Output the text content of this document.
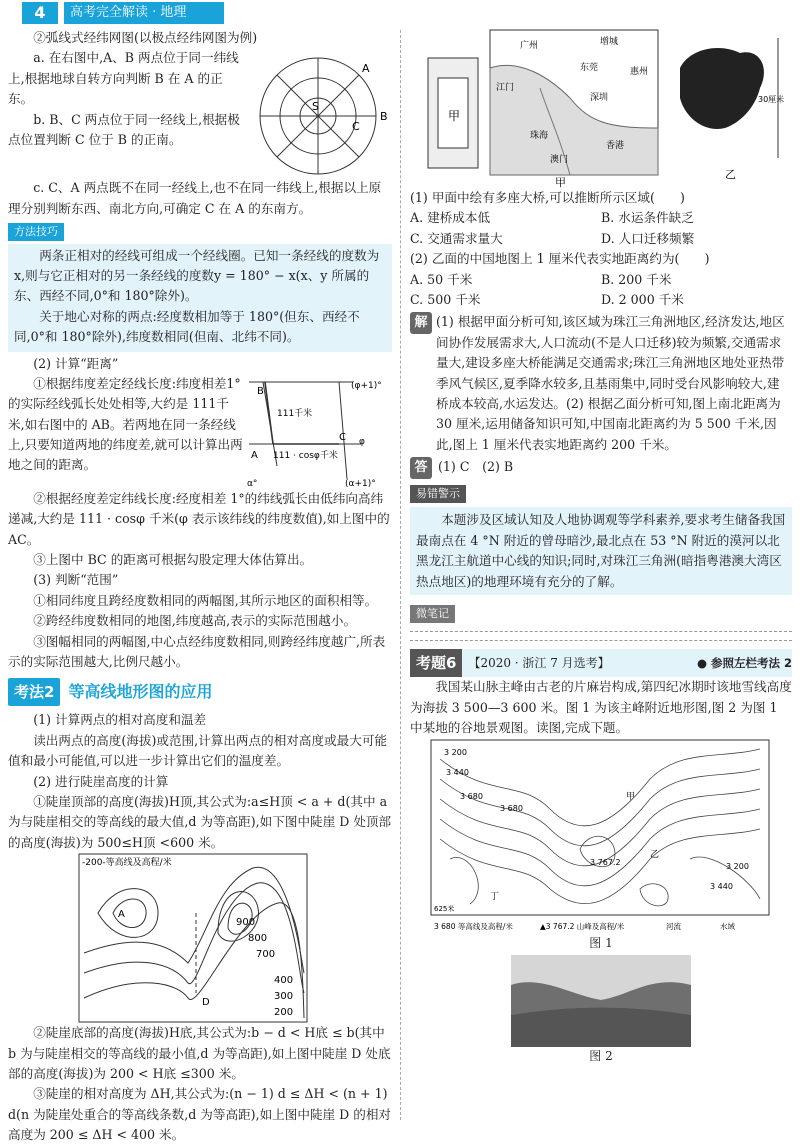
4	高考完全解读 · 地理

②弧线式经纬网图(以极点经纬网图为例)

a. 在右图中,A、B 两点位于同一纬线上,根据地球自转方向判断 B 在 A 的正东。

b. B、C 两点位于同一经线上,根据极点位置判断 C 位于 B 的正南。

A
B
C
S

c. C、A 两点既不在同一经线上,也不在同一纬线上,根据以上原理分别判断东西、南北方向,可确定 C 在 A 的东南方。

方法技巧

两条正相对的经线可组成一个经线圈。已知一条经线的度数为 x,则与它正相对的另一条经线的度数y = 180° − x(x、y 所属的东、西经不同,0°和 180°除外)。

关于地心对称的两点:经度数相加等于 180°(但东、西经不同,0°和 180°除外),纬度数相同(但南、北纬不同)。

(2) 计算“距离”

①根据纬度差定经线长度:纬度相差1°的实际经线弧长处处相等,大约是 111千米,如右图中的 AB。若两地在同一条经线上,只要知道两地的纬度差,就可以计算出两地之间的距离。

B
A
C
(φ+1)°
φ
(α+1)°
α°
111千米
111 · cosφ千米

②根据经度差定纬线长度:经度相差 1°的纬线弧长由低纬向高纬递减,大约是 111 · cosφ 千米(φ 表示该纬线的纬度数值),如上图中的 AC。

③上图中 BC 的距离可根据勾股定理大体估算出。

(3) 判断“范围”

①相同纬度且跨经度数相同的两幅图,其所示地区的面积相等。

②跨经纬度数相同的地图,纬度越高,表示的实际范围越小。

③图幅相同的两幅图,中心点经纬度数相同,则跨经纬度越广,所表示的实际范围越大,比例尺越小。

考法2 等高线地形图的应用

(1) 计算两点的相对高度和温差

读出两点的高度(海拔)或范围,计算出两点的相对高度或最大可能值和最小可能值,可以进一步计算出它们的温度差。

(2) 进行陡崖高度的计算

①陡崖顶部的高度(海拔)H顶,其公式为:a≤H顶 < a + d(其中 a 为与陡崖相交的等高线的最大值,d 为等高距),如下图中陡崖 D 处顶部的高度(海拔)为 500≤H顶 <600 米。

-200-等高线及高程/米
A
900
800
700
400
300
200
D

②陡崖底部的高度(海拔)H底,其公式为:b − d < H底 ≤ b(其中 b 为与陡崖相交的等高线的最小值,d 为等高距),如上图中陡崖 D 处底部的高度(海拔)为 200 < H底 ≤300 米。

③陡崖的相对高度为 ΔH,其公式为:(n − 1) d ≤ ΔH < (n + 1) d(n 为陡崖处重合的等高线条数,d 为等高距),如上图中陡崖 D 的相对高度为 200 ≤ ΔH < 400 米。

广州	增城
东莞	惠州
江门
深圳
珠海
香港
澳门
甲
甲
30厘米
乙

(1) 甲面中绘有多座大桥,可以推断所示区域(　　)

A. 建桥成本低	B. 水运条件缺乏
C. 交通需求量大	D. 人口迁移频繁

(2) 乙面的中国地图上 1 厘米代表实地距离约为(　　)

A. 50 千米	B. 200 千米
C. 500 千米	D. 2 000 千米
解 (1) 根据甲面分析可知,该区域为珠江三角洲地区,经济发达,地区间协作发展需求大,人口流动(不是人口迁移)较为频繁,交通需求量大,建设多座大桥能满足交通需求;珠江三角洲地区地处亚热带季风气候区,夏季降水较多,且基雨集中,同时受台风影响较大,建桥成本较高,水运发达。(2) 根据乙面分析可知,图上南北距离为 30 厘米,运用储备知识可知,中国南北距离约为 5 500 千米,因此,图上 1 厘米代表实地距离约 200 千米。

答 (1) C　(2) B

易错警示

本题涉及区域认知及人地协调观等学科素养,要求考生储备我国最南点在 4 °N 附近的曾母暗沙,最北点在 53 °N 附近的漠河以北黑龙江主航道中心线的知识;同时,对珠江三角洲(暗指粤港澳大湾区热点地区)的地理环境有充分的了解。

微笔记
考题6	【2020 · 浙江 7 月选考】	● 参照左栏考法 2

我国某山脉主峰由古老的片麻岩构成,第四纪冰期时该地雪线高度为海拔 3 500—3 600 米。图 1 为该主峰附近地形图,图 2 为图 1 中某地的谷地景观图。读图,完成下题。

3 200
3 440
3 680
3 680
3 767.2
甲
乙
丁
625米
3 200
3 440
3 680 等高线及高程/米	▲3 767.2 山峰及高程/米	河流	水域
图 1
图 2
